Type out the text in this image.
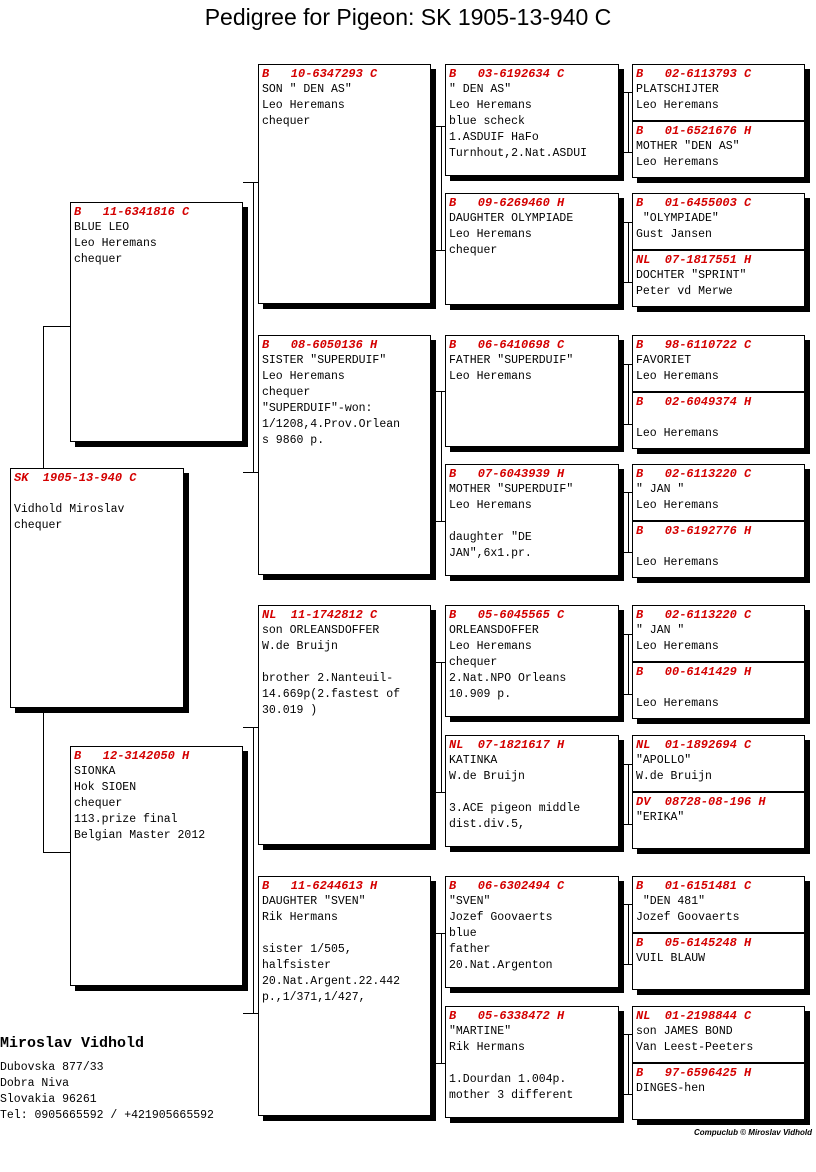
Pedigree for Pigeon: SK 1905-13-940 C
SK  1905-13-940 C

Vidhold Miroslav
chequer
B   11-6341816 C
BLUE LEO
Leo Heremans
chequer
B   12-3142050 H
SIONKA
Hok SIOEN
chequer
113.prize final
Belgian Master 2012
B   10-6347293 C
SON " DEN AS"
Leo Heremans
chequer
B   08-6050136 H
SISTER "SUPERDUIF"
Leo Heremans
chequer
"SUPERDUIF"-won:
1/1208,4.Prov.Orlean
s 9860 p.
NL  11-1742812 C
son ORLEANSDOFFER
W.de Bruijn

brother 2.Nanteuil-
14.669p(2.fastest of
30.019 )
B   11-6244613 H
DAUGHTER "SVEN"
Rik Hermans

sister 1/505,
halfsister
20.Nat.Argent.22.442
p.,1/371,1/427,
B   03-6192634 C
" DEN AS"
Leo Heremans
blue scheck
1.ASDUIF HaFo
Turnhout,2.Nat.ASDUI
B   09-6269460 H
DAUGHTER OLYMPIADE
Leo Heremans
chequer
B   06-6410698 C
FATHER "SUPERDUIF"
Leo Heremans
B   07-6043939 H
MOTHER "SUPERDUIF"
Leo Heremans

daughter "DE
JAN",6x1.pr.
B   05-6045565 C
ORLEANSDOFFER
Leo Heremans
chequer
2.Nat.NPO Orleans
10.909 p.
NL  07-1821617 H
KATINKA
W.de Bruijn

3.ACE pigeon middle
dist.div.5,
B   06-6302494 C
"SVEN"
Jozef Goovaerts
blue
father
20.Nat.Argenton
B   05-6338472 H
"MARTINE"
Rik Hermans

1.Dourdan 1.004p.
mother 3 different
B   02-6113793 C
PLATSCHIJTER
Leo Heremans
B   01-6521676 H
MOTHER "DEN AS"
Leo Heremans
B   01-6455003 C
"OLYMPIADE"
Gust Jansen
NL  07-1817551 H
DOCHTER "SPRINT"
Peter vd Merwe
B   98-6110722 C
FAVORIET
Leo Heremans
B   02-6049374 H

Leo Heremans
B   02-6113220 C
" JAN "
Leo Heremans
B   03-6192776 H

Leo Heremans
B   02-6113220 C
" JAN "
Leo Heremans
B   00-6141429 H

Leo Heremans
NL  01-1892694 C
"APOLLO"
W.de Bruijn
DV  08728-08-196 H
"ERIKA"
B   01-6151481 C
"DEN 481"
Jozef Goovaerts
B   05-6145248 H
VUIL BLAUW
NL  01-2198844 C
son JAMES BOND
Van Leest-Peeters
B   97-6596425 H
DINGES-hen
Miroslav Vidhold
Dubovska 877/33
Dobra Niva
Slovakia 96261
Tel: 0905665592 / +421905665592
Compuclub © Miroslav Vidhold
